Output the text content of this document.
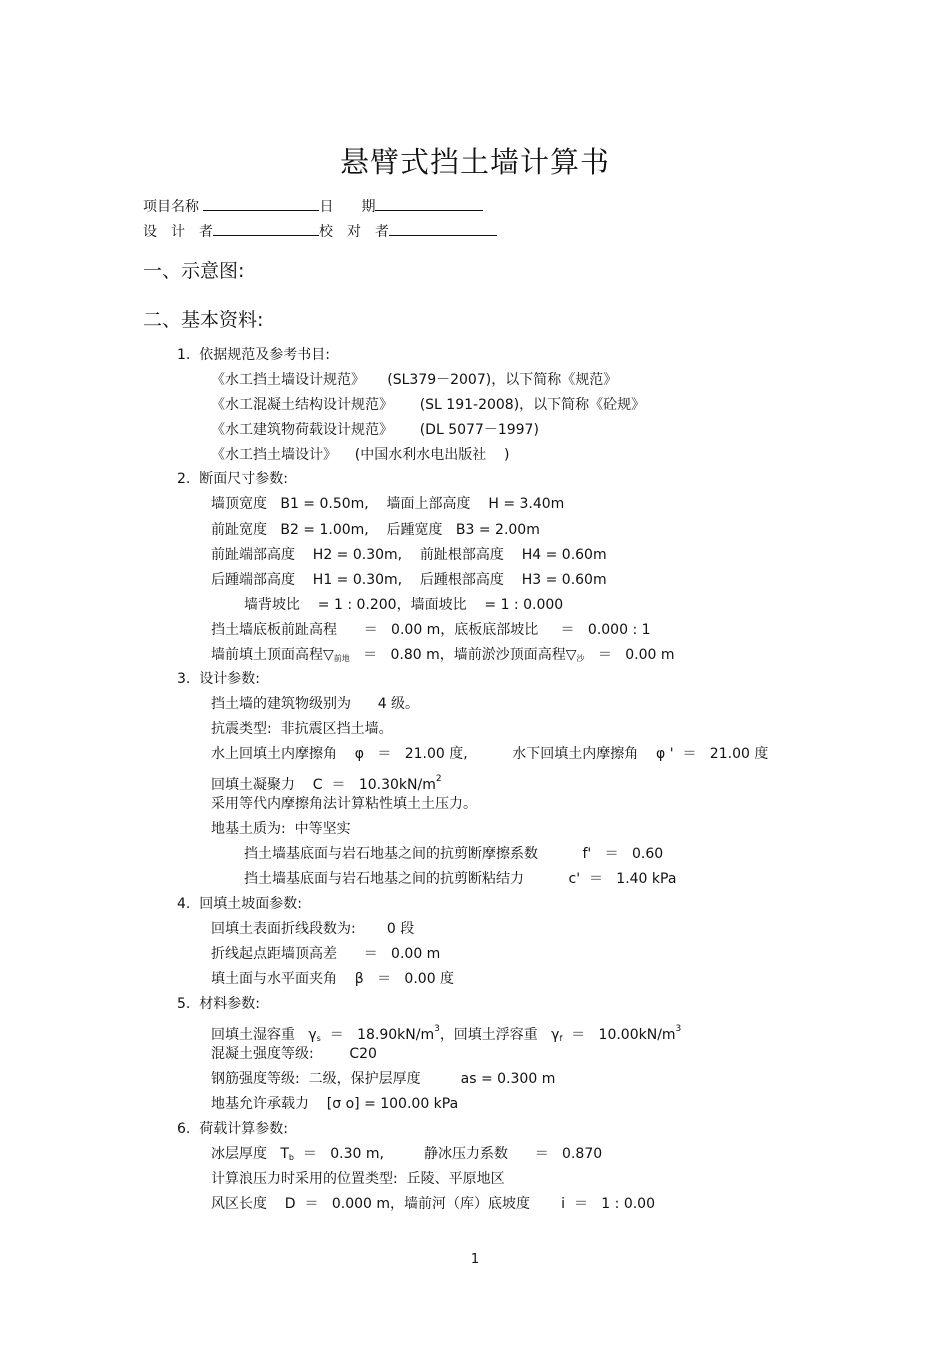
悬臂式挡土墙计算书
项目名称	日　　期
设　计　者	校　对　者
一、示意图:
二、基本资料:
1.  依据规范及参考书目:
《水工挡土墙设计规范》     (SL379－2007)，以下简称《规范》
《水工混凝土结构设计规范》      (SL 191-2008)，以下简称《砼规》
《水工建筑物荷载设计规范》      (DL 5077－1997)
《水工挡土墙设计》    (中国水利水电出版社    )
2.  断面尺寸参数:
墙顶宽度   B1 = 0.50m,    墙面上部高度    H = 3.40m
前趾宽度   B2 = 1.00m,    后踵宽度   B3 = 2.00m
前趾端部高度    H2 = 0.30m,    前趾根部高度    H4 = 0.60m
后踵端部高度    H1 = 0.30m,    后踵根部高度    H3 = 0.60m
墙背坡比    = 1 : 0.200，墙面坡比    = 1 : 0.000
挡土墙底板前趾高程      ＝   0.00 m，底板底部坡比     ＝   0.000 : 1
墙前填土顶面高程$▽_{前地} = 0.80$ m，墙前淤沙顶面高程$▽_沙 = 0.00$ m
3.  设计参数:
挡土墙的建筑物级别为      4 级。
抗震类型:  非抗震区挡土墙。
水上回填土内摩擦角    φ   ＝   21.00 度,          水下回填土内摩擦角    φ '  ＝   21.00 度
回填土凝聚力    $C = 10.30kN/m^2$
采用等代内摩擦角法计算粘性填土土压力。
地基土质为:  中等坚实
挡土墙基底面与岩石地基之间的抗剪断摩擦系数          f'   ＝   0.60
挡土墙基底面与岩石地基之间的抗剪断粘结力          c'  ＝   1.40 kPa
4.  回填土坡面参数:
回填土表面折线段数为:       0 段
折线起点距墙顶高差      ＝   0.00 m
填土面与水平面夹角    β   ＝   0.00 度
5.  材料参数:
回填土湿容重   $\gamma_s = 18.90kN/m^3$，回填土浮容重   $\gamma_f = 10.00kN/m^3$
混凝土强度等级:        C20
钢筋强度等级:  二级，保护层厚度         as = 0.300 m
地基允许承载力    [σ o] = 100.00 kPa
6.  荷载计算参数:
冰层厚度   $T_b = 0.30$ m,         静冰压力系数      ＝   0.870
计算浪压力时采用的位置类型:  丘陵、平原地区
风区长度    D  ＝   0.000 m，墙前河（库）底坡度       i  ＝   1 : 0.00
1
